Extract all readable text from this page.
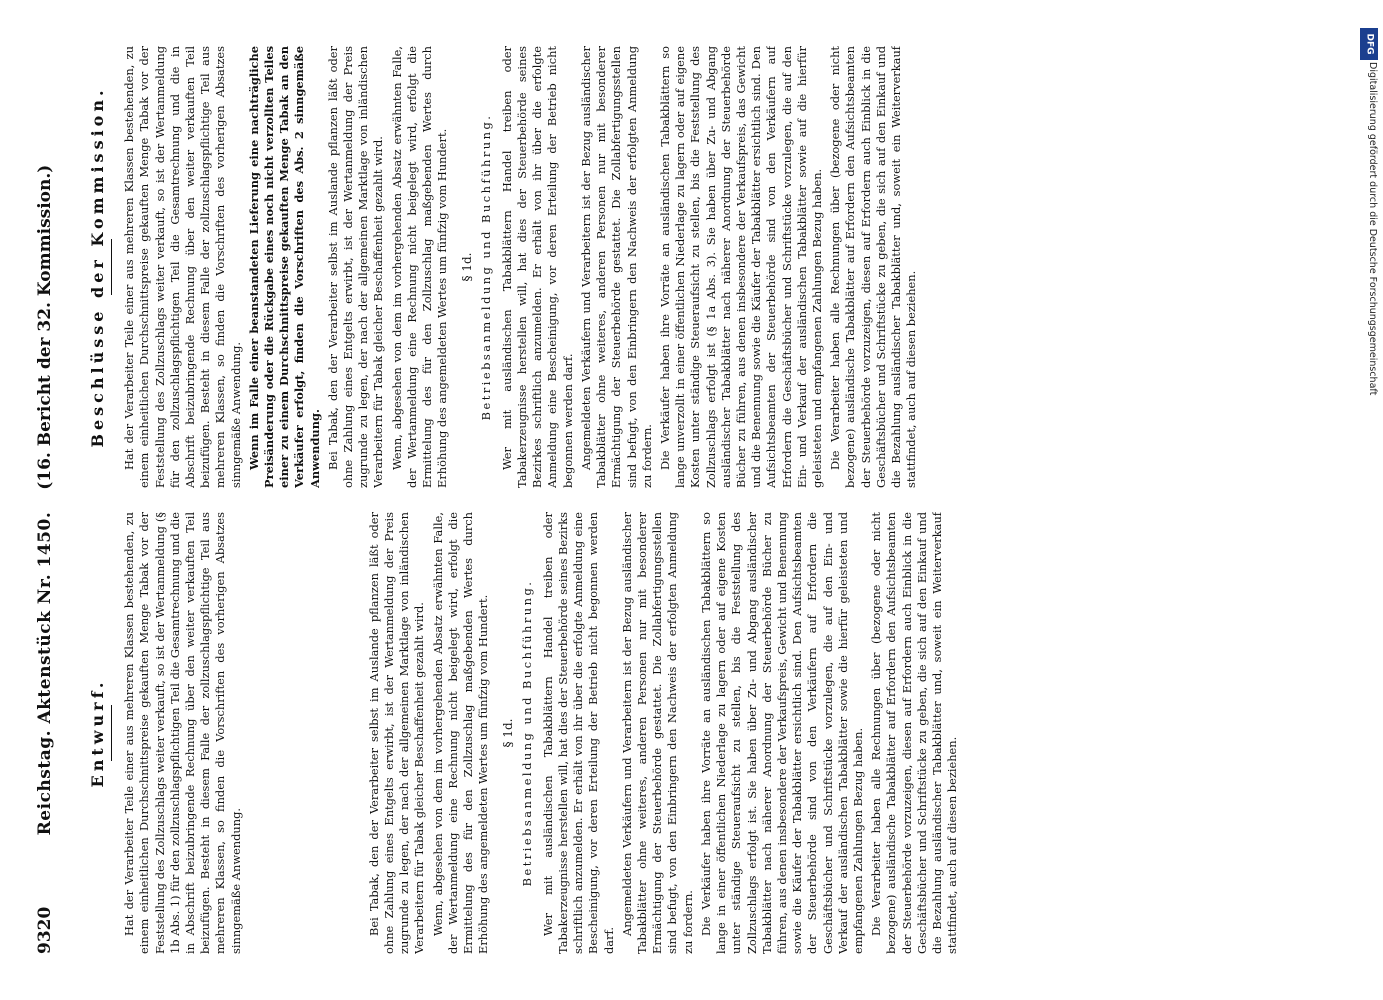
9320
Reichstag. Aktenstück Nr. 1450. (16. Bericht der 32. Kommission.)
Entwurf. Hat der Verarbeiter Teile einer aus mehreren Klassen bestehenden, zu einem einheitlichen Durchschnittspreise gekauften Menge Tabak vor der Feststellung des Zollzuschlags weiter verkauft, so ist der Wertanmeldung (§ 1b Abs. 1) für den zollzuschlagspflichtigen Teil die Gesamtrechnung und die in Abschrift beizubringende Rechnung über den weiter verkauften Teil beizufügen. Besteht in diesem Falle der zollzuschlagspflichtige Teil aus mehreren Klassen, so finden die Vorschriften des vorherigen Absatzes sinngemäße Anwendung.	Bei Tabak, den der Verarbeiter selbst im Auslande pflanzen läßt oder ohne Zahlung eines Entgelts erwirbt, ist der Wertanmeldung der Preis zugrunde zu legen, der nach der allgemeinen Marktlage von inländischen Verarbeitern für Tabak gleicher Beschaffenheit gezahlt wird. Wenn, abgesehen von dem im vorhergehenden Absatz erwähnten Falle, der Wertanmeldung eine Rechnung nicht beigelegt wird, erfolgt die Ermittelung des für den Zollzuschlag maßgebenden Wertes durch Erhöhung des angemeldeten Wertes um fünfzig vom Hundert. § 1d. Betriebsanmeldung und Buchführung. Wer mit ausländischen Tabakblättern Handel treiben oder Tabakerzeugnisse herstellen will, hat dies der Steuerbehörde seines Bezirks schriftlich anzumelden. Er erhält von ihr über die erfolgte Anmeldung eine Bescheinigung, vor deren Erteilung der Betrieb nicht begonnen werden darf.

Angemeldeten Verkäufern und Verarbeitern ist der Bezug ausländischer Tabakblätter ohne weiteres, anderen Personen nur mit besonderer Ermächtigung der Steuerbehörde gestattet. Die Zollabfertigungsstellen sind befugt, von den Einbringern den Nachweis der erfolgten Anmeldung zu fordern. Die Verkäufer haben ihre Vorräte an ausländischen Tabakblättern so lange in einer öffentlichen Niederlage zu lagern oder auf eigene Kosten unter ständige Steueraufsicht zu stellen, bis die Feststellung des Zollzuschlags erfolgt ist. Sie haben über Zu- und Abgang ausländischer Tabakblätter nach näherer Anordnung der Steuerbehörde Bücher zu führen, aus denen insbesondere der Verkaufspreis, Gewicht und Benennung sowie die Käufer der Tabakblätter ersichtlich sind. Den Aufsichtsbeamten der Steuerbehörde sind von den Verkäufern auf Erfordern die Geschäftsbücher und Schriftstücke vorzulegen, die auf den Ein- und Verkauf der ausländischen Tabakblätter sowie die hierfür geleisteten und empfangenen Zahlungen Bezug haben. Die Verarbeiter haben alle Rechnungen über (bezogene oder nicht bezogene) ausländische Tabakblätter auf Erfordern den Aufsichtsbeamten der Steuerbehörde vorzuzeigen, diesen auf Erfordern auch Einblick in die Geschäftsbücher und Schriftstücke zu geben, die sich auf den Einkauf und die Bezahlung ausländischer Tabakblätter und, soweit ein Weiterverkauf stattfindet, auch auf diesen beziehen.

Beschlüsse der Kommission. Hat der Verarbeiter Teile einer aus mehreren Klassen bestehenden, zu einem einheitlichen Durchschnittspreise gekauften Menge Tabak vor der Feststellung des Zollzuschlags weiter verkauft, so ist der Wertanmeldung für den zollzuschlagspflichtigen Teil die Gesamtrechnung und die in Abschrift beizubringende Rechnung über den weiter verkauften Teil beizufügen. Besteht in diesem Falle der zollzuschlagspflichtige Teil aus mehreren Klassen, so finden die Vorschriften des vorherigen Absatzes sinngemäße Anwendung. Wenn im Falle einer beanstandeten Lieferung eine nachträgliche Preisänderung oder die Rückgabe eines noch nicht verzollten Teiles einer zu einem Durchschnittspreise gekauften Menge Tabak an den Verkäufer erfolgt, finden die Vorschriften des Abs. 2 sinngemäße Anwendung. Bei Tabak, den der Verarbeiter selbst im Auslande pflanzen läßt oder ohne Zahlung eines Entgelts erwirbt, ist der Wertanmeldung der Preis zugrunde zu legen, der nach der allgemeinen Marktlage von inländischen Verarbeitern für Tabak gleicher Beschaffenheit gezahlt wird. Wenn, abgesehen von dem im vorhergehenden Absatz erwähnten Falle, der Wertanmeldung eine Rechnung nicht beigelegt wird, erfolgt die Ermittelung des für den Zollzuschlag maßgebenden Wertes durch Erhöhung des angemeldeten Wertes um fünfzig vom Hundert. § 1d. Betriebsanmeldung und Buchführung. Wer mit ausländischen Tabakblättern Handel treiben oder Tabakerzeugnisse herstellen will, hat dies der Steuerbehörde seines Bezirkes schriftlich anzumelden. Er erhält von ihr über die erfolgte Anmeldung eine Bescheinigung, vor deren Erteilung der Betrieb nicht begonnen werden darf. Angemeldeten Verkäufern und Verarbeitern ist der Bezug ausländischer Tabakblätter ohne weiteres, anderen Personen nur mit besonderer Ermächtigung der Steuerbehörde gestattet. Die Zollabfertigungsstellen sind befugt, von den Einbringern den Nachweis der erfolgten Anmeldung zu fordern. Die Verkäufer haben ihre Vorräte an ausländischen Tabakblättern so lange unverzollt in einer öffentlichen Niederlage zu lagern oder auf eigene Kosten unter ständige Steueraufsicht zu stellen, bis die Feststellung des Zollzuschlags erfolgt ist (§ 1a Abs. 3). Sie haben über Zu- und Abgang ausländischer Tabakblätter nach näherer Anordnung der Steuerbehörde Bücher zu führen, aus denen insbesondere der Verkaufspreis, das Gewicht und die Benennung sowie die Käufer der Tabakblätter ersichtlich sind. Den Aufsichtsbeamten der Steuerbehörde sind von den Verkäufern auf Erfordern die Geschäftsbücher und Schriftstücke vorzulegen, die auf den Ein- und Verkauf der ausländischen Tabakblätter sowie auf die hierfür geleisteten und empfangenen Zahlungen Bezug haben. Die Verarbeiter haben alle Rechnungen über (bezogene oder nicht bezogene) ausländische Tabakblätter auf Erfordern den Aufsichtsbeamten der Steuerbehörde vorzuzeigen, diesen auf Erfordern auch Einblick in die Geschäftsbücher und Schriftstücke zu geben, die sich auf den Einkauf und die Bezahlung ausländischer Tabakblätter und, soweit ein Weiterverkauf stattfindet, auch auf diesen beziehen.

DFG
Digitalisierung gefördert durch die Deutsche Forschungsgemeinschaft
